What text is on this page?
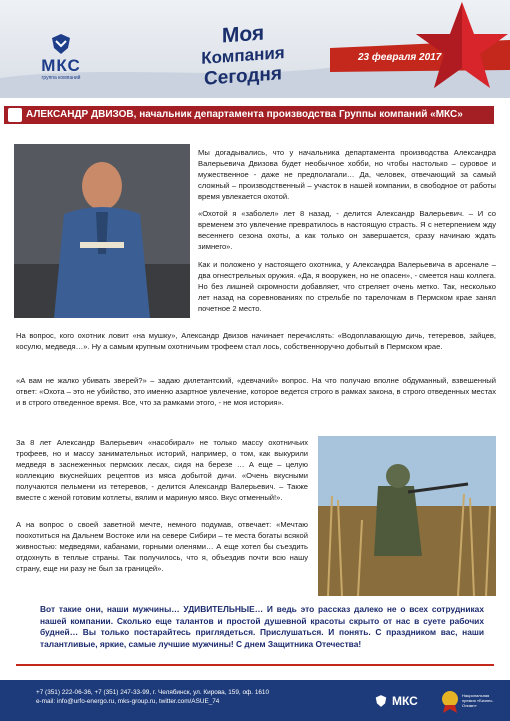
МКС
группа компаний
Моя
Компания
Сегодня
23 февраля 2017
АЛЕКСАНДР ДВИЗОВ, начальник департамента производства Группы компаний «МКС»

Мы догадывались, что у начальника департамента производства Александра Валерьевича Двизова будет необычное хобби, но чтобы настолько – суровое и мужественное - даже не предполагали… Да, человек, отвечающий за самый сложный – производственный – участок в нашей компании, в свободное от работы время увлекается охотой.

«Охотой я «заболел» лет 8 назад, - делится Александр Валерьевич. – И со временем это увлечение превратилось в настоящую страсть. Я с нетерпением жду весеннего сезона охоты, а как только он завершается, сразу начинаю ждать зимнего».

Как и положено у настоящего охотника, у Александра Валерьевича в арсенале – два огнестрельных оружия. «Да, я вооружен, но не опасен», - смеется наш коллега. Но без лишней скромности добавляет, что стреляет очень метко. Так, несколько лет назад на соревнованиях по стрельбе по тарелочкам в Пермском крае занял почетное 2 место.

На вопрос, кого охотник ловит «на мушку», Александр Двизов начинает перечислять: «Водоплавающую дичь, тетеревов, зайцев, косулю, медведя…». Ну а самым крупным охотничьим трофеем стал лось, собственноручно добытый в Пермском крае.

«А вам не жалко убивать зверей?» – задаю дилетантский, «девчачий» вопрос. На что получаю вполне обдуманный, взвешенный ответ: «Охота – это не убийство, это именно азартное увлечение, которое ведется строго в рамках закона, в строго отведенных местах и в строго отведенное время. Все, что за рамками этого, - не моя история».

За 8 лет Александр Валерьевич «насобирал» не только массу охотничьих трофеев, но и массу занимательных историй, например, о том, как выкурили медведя в заснеженных пермских лесах, сидя на березе … А еще – целую коллекцию вкуснейших рецептов из мяса добытой дичи. «Очень вкусными получаются пельмени из тетеревов, - делится Александр Валерьевич. – Также вместе с женой готовим котлеты, вялим и мариную мясо. Вкус отменный!».

А на вопрос о своей заветной мечте, немного подумав, отвечает: «Мечтаю поохотиться на Дальнем Востоке или на севере Сибири – те места богаты всякой живностью: медведями, кабанами, горными оленями… А еще хотел бы съездить отдохнуть в теплые страны. Так получилось, что я, объездив почти всю нашу страну, еще ни разу не был за границей».

Вот такие они, наши мужчины… УДИВИТЕЛЬНЫЕ… И ведь это рассказ далеко не о всех сотрудниках нашей компании. Сколько еще талантов и простой душевной красоты скрыто от нас в суете рабочих будней… Вы только постарайтесь приглядеться. Прислушаться. И понять. С праздником вас, наши талантливые, яркие, самые лучшие мужчины! С днем Защитника Отечества!

+7 (351) 222-06-36, +7 (351) 247-33-99, г. Челябинск, ул. Кирова, 159, оф. 1610
e-mail: info@urfo-energo.ru, mks-group.ru, twitter.com/ASUE_74	МКС	Национальная премия «Бизнес-Олимп»
